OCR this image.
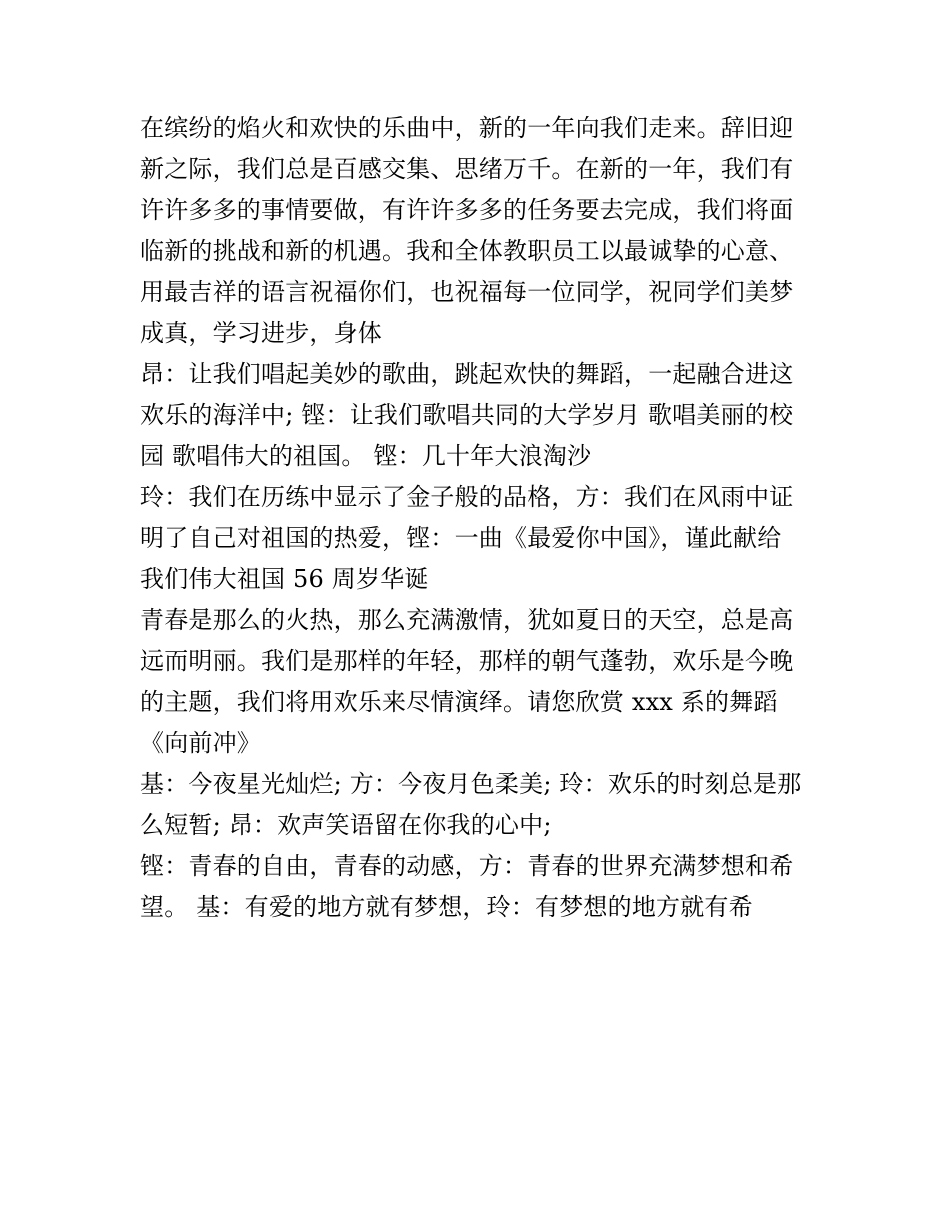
在缤纷的焰火和欢快的乐曲中，新的一年向我们走来。辞旧迎
新之际，我们总是百感交集、思绪万千。在新的一年，我们有
许许多多的事情要做，有许许多多的任务要去完成，我们将面
临新的挑战和新的机遇。我和全体教职员工以最诚挚的心意、
用最吉祥的语言祝福你们，也祝福每一位同学，祝同学们美梦
成真，学习进步，身体
昂：让我们唱起美妙的歌曲，跳起欢快的舞蹈，一起融合进这
欢乐的海洋中; 铿：让我们歌唱共同的大学岁月 歌唱美丽的校
园 歌唱伟大的祖国。 铿：几十年大浪淘沙
玲：我们在历练中显示了金子般的品格，方：我们在风雨中证
明了自己对祖国的热爱，铿：一曲《最爱你中国》，谨此献给
我们伟大祖国 56 周岁华诞
青春是那么的火热，那么充满激情，犹如夏日的天空，总是高
远而明丽。我们是那样的年轻，那样的朝气蓬勃，欢乐是今晚
的主题，我们将用欢乐来尽情演绎。请您欣赏 xxx 系的舞蹈
《向前冲》
基：今夜星光灿烂; 方：今夜月色柔美; 玲：欢乐的时刻总是那
么短暂; 昂：欢声笑语留在你我的心中;
铿：青春的自由，青春的动感，方：青春的世界充满梦想和希
望。 基：有爱的地方就有梦想，玲：有梦想的地方就有希
